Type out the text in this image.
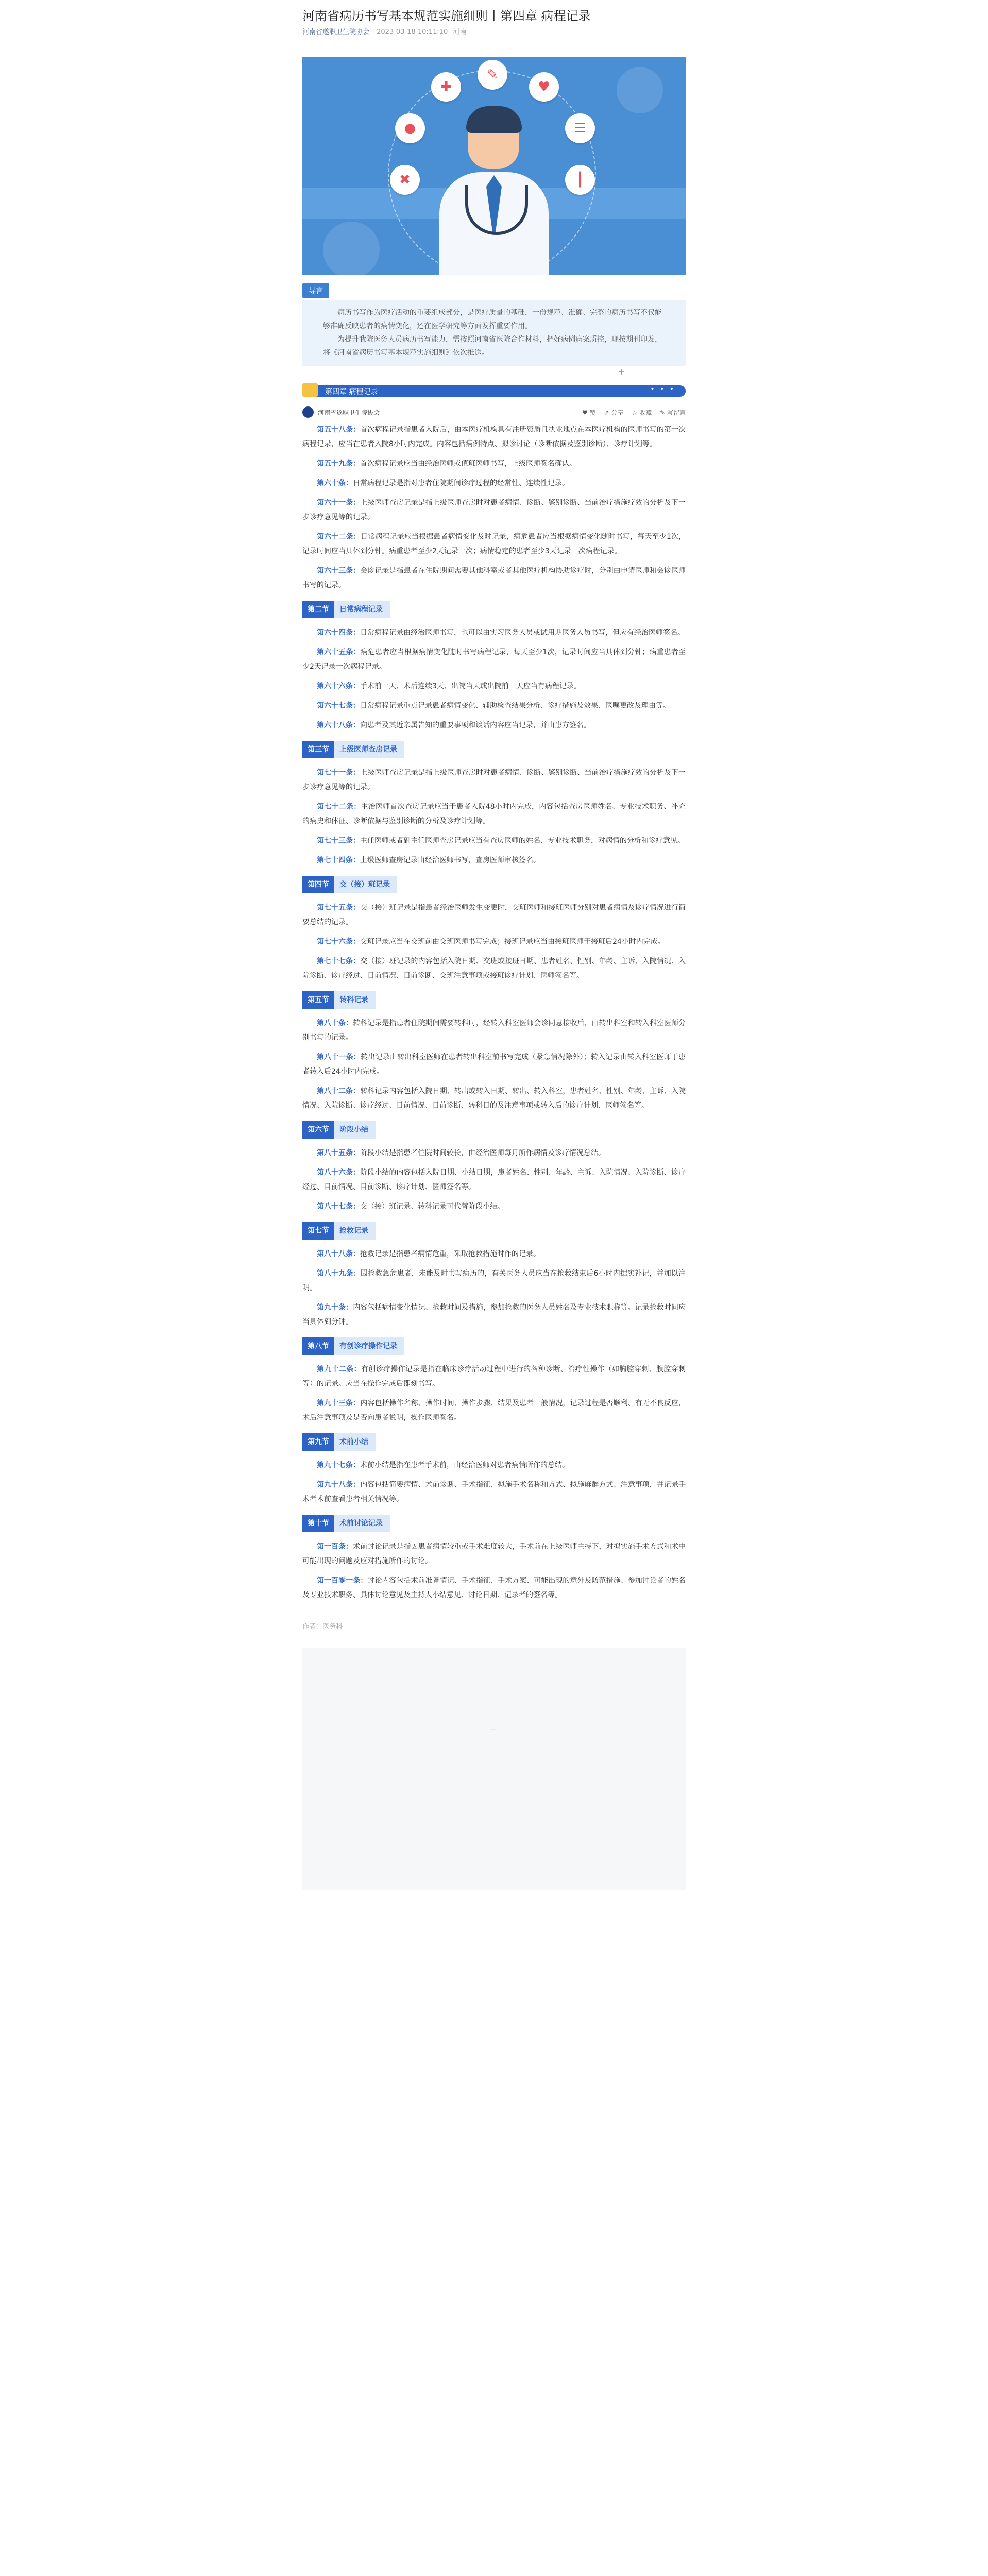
河南省病历书写基本规范实施细则丨第四章 病程记录
河南省遂职卫生院协会 2023-03-18 10:11:10 河南
✚
✎
♥
☰
●
✖	┃
导言

病历书写作为医疗活动的重要组成部分，是医疗质量的基础，一份规范、准确、完整的病历书写不仅能够准确反映患者的病情变化，还在医学研究等方面发挥重要作用。

为提升我院医务人员病历书写能力，需按照河南省医院合作材料，把好病例病案质控，现按期刊印发，将《河南省病历书写基本规范实施细则》依次推送。

+
第四章 病程记录	• • •
河南省遂职卫生院协会	♥ 赞 ↗ 分享 ☆ 收藏 ✎ 写留言

第五十八条：首次病程记录指患者入院后，由本医疗机构具有注册资质且执业地点在本医疗机构的医师书写的第一次病程记录，应当在患者入院8小时内完成。内容包括病例特点、拟诊讨论（诊断依据及鉴别诊断）、诊疗计划等。

第五十九条：首次病程记录应当由经治医师或值班医师书写，上级医师签名确认。

第六十条：日常病程记录是指对患者住院期间诊疗过程的经常性、连续性记录。

第六十一条：上级医师查房记录是指上级医师查房时对患者病情、诊断、鉴别诊断、当前治疗措施疗效的分析及下一步诊疗意见等的记录。

第六十二条：日常病程记录应当根据患者病情变化及时记录，病危患者应当根据病情变化随时书写，每天至少1次，记录时间应当具体到分钟。病重患者至少2天记录一次；病情稳定的患者至少3天记录一次病程记录。

第六十三条：会诊记录是指患者在住院期间需要其他科室或者其他医疗机构协助诊疗时，分别由申请医师和会诊医师书写的记录。

第二节	日常病程记录

第六十四条：日常病程记录由经治医师书写，也可以由实习医务人员或试用期医务人员书写，但应有经治医师签名。

第六十五条：病危患者应当根据病情变化随时书写病程记录，每天至少1次，记录时间应当具体到分钟；病重患者至少2天记录一次病程记录。

第六十六条：手术前一天、术后连续3天、出院当天或出院前一天应当有病程记录。

第六十七条：日常病程记录重点记录患者病情变化、辅助检查结果分析、诊疗措施及效果、医嘱更改及理由等。

第六十八条：向患者及其近亲属告知的重要事项和谈话内容应当记录，并由患方签名。

第三节	上级医师查房记录

第七十一条：上级医师查房记录是指上级医师查房时对患者病情、诊断、鉴别诊断、当前治疗措施疗效的分析及下一步诊疗意见等的记录。

第七十二条：主治医师首次查房记录应当于患者入院48小时内完成，内容包括查房医师姓名、专业技术职务、补充的病史和体征、诊断依据与鉴别诊断的分析及诊疗计划等。

第七十三条：主任医师或者副主任医师查房记录应当有查房医师的姓名、专业技术职务，对病情的分析和诊疗意见。

第七十四条：上级医师查房记录由经治医师书写，查房医师审核签名。

第四节	交（接）班记录

第七十五条：交（接）班记录是指患者经治医师发生变更时，交班医师和接班医师分别对患者病情及诊疗情况进行简要总结的记录。

第七十六条：交班记录应当在交班前由交班医师书写完成；接班记录应当由接班医师于接班后24小时内完成。

第七十七条：交（接）班记录的内容包括入院日期、交班或接班日期、患者姓名、性别、年龄、主诉、入院情况、入院诊断、诊疗经过、目前情况、目前诊断、交班注意事项或接班诊疗计划、医师签名等。

第五节	转科记录

第八十条：转科记录是指患者住院期间需要转科时，经转入科室医师会诊同意接收后，由转出科室和转入科室医师分别书写的记录。

第八十一条：转出记录由转出科室医师在患者转出科室前书写完成（紧急情况除外）；转入记录由转入科室医师于患者转入后24小时内完成。

第八十二条：转科记录内容包括入院日期、转出或转入日期、转出、转入科室，患者姓名、性别、年龄、主诉、入院情况、入院诊断、诊疗经过、目前情况、目前诊断、转科目的及注意事项或转入后的诊疗计划、医师签名等。

第六节	阶段小结

第八十五条：阶段小结是指患者住院时间较长，由经治医师每月所作病情及诊疗情况总结。

第八十六条：阶段小结的内容包括入院日期、小结日期，患者姓名、性别、年龄、主诉、入院情况、入院诊断、诊疗经过、目前情况、目前诊断、诊疗计划、医师签名等。

第八十七条：交（接）班记录、转科记录可代替阶段小结。

第七节	抢救记录

第八十八条：抢救记录是指患者病情危重，采取抢救措施时作的记录。

第八十九条：因抢救急危患者，未能及时书写病历的，有关医务人员应当在抢救结束后6小时内据实补记，并加以注明。

第九十条：内容包括病情变化情况、抢救时间及措施，参加抢救的医务人员姓名及专业技术职称等。记录抢救时间应当具体到分钟。

第八节	有创诊疗操作记录

第九十二条：有创诊疗操作记录是指在临床诊疗活动过程中进行的各种诊断、治疗性操作（如胸腔穿刺、腹腔穿刺等）的记录。应当在操作完成后即刻书写。

第九十三条：内容包括操作名称、操作时间、操作步骤、结果及患者一般情况，记录过程是否顺利、有无不良反应，术后注意事项及是否向患者说明，操作医师签名。

第九节	术前小结

第九十七条：术前小结是指在患者手术前，由经治医师对患者病情所作的总结。

第九十八条：内容包括简要病情、术前诊断、手术指征、拟施手术名称和方式、拟施麻醉方式、注意事项，并记录手术者术前查看患者相关情况等。

第十节	术前讨论记录

第一百条：术前讨论记录是指因患者病情较重或手术难度较大，手术前在上级医师主持下，对拟实施手术方式和术中可能出现的问题及应对措施所作的讨论。

第一百零一条：讨论内容包括术前准备情况、手术指征、手术方案、可能出现的意外及防范措施、参加讨论者的姓名及专业技术职务、具体讨论意见及主持人小结意见、讨论日期、记录者的签名等。

作者：医务科
...
